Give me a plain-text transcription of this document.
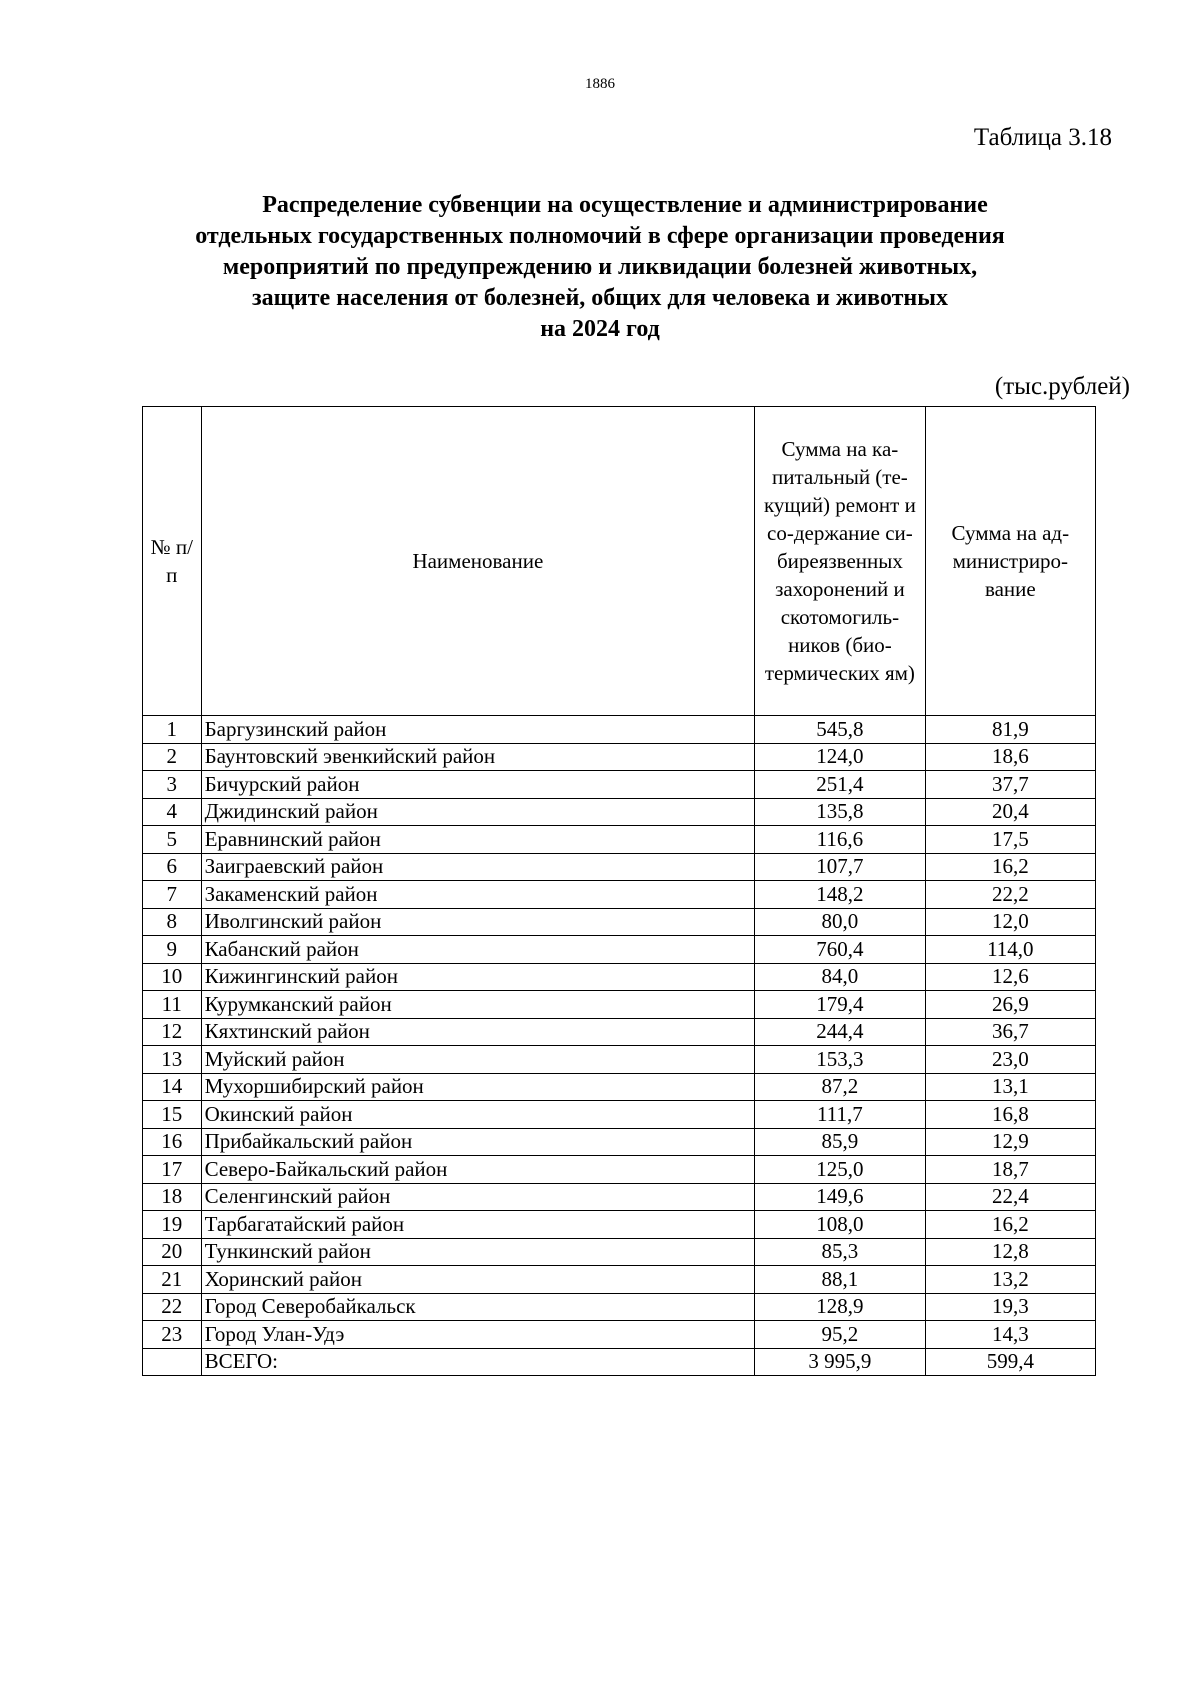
1886
Таблица 3.18
Распределение субвенции на осуществление и администрирование
отдельных государственных полномочий в сфере организации проведения
мероприятий по предупреждению и ликвидации болезней животных,
защите населения от болезней, общих для человека и животных
на 2024 год
(тыс.рублей)
№ п/п	Наименование	Сумма на ка-питальный (те-кущий) ремонт и со-держание си-бирeязвенных захоронений и скотомогиль-ников (био-термических ям)	Сумма на ад-министриро-вание
1	Баргузинский район	545,8	81,9
2	Баунтовский эвенкийский район	124,0	18,6
3	Бичурский район	251,4	37,7
4	Джидинский район	135,8	20,4
5	Еравнинский район	116,6	17,5
6	Заиграевский район	107,7	16,2
7	Закаменский район	148,2	22,2
8	Иволгинский район	80,0	12,0
9	Кабанский район	760,4	114,0
10	Кижингинский район	84,0	12,6
11	Курумканский район	179,4	26,9
12	Кяхтинский район	244,4	36,7
13	Муйский район	153,3	23,0
14	Мухоршибирский район	87,2	13,1
15	Окинский район	111,7	16,8
16	Прибайкальский район	85,9	12,9
17	Северо-Байкальский район	125,0	18,7
18	Селенгинский район	149,6	22,4
19	Тарбагатайский район	108,0	16,2
20	Тункинский район	85,3	12,8
21	Хоринский район	88,1	13,2
22	Город Северобайкальск	128,9	19,3
23	Город Улан-Удэ	95,2	14,3
	ВСЕГО:	3 995,9	599,4
